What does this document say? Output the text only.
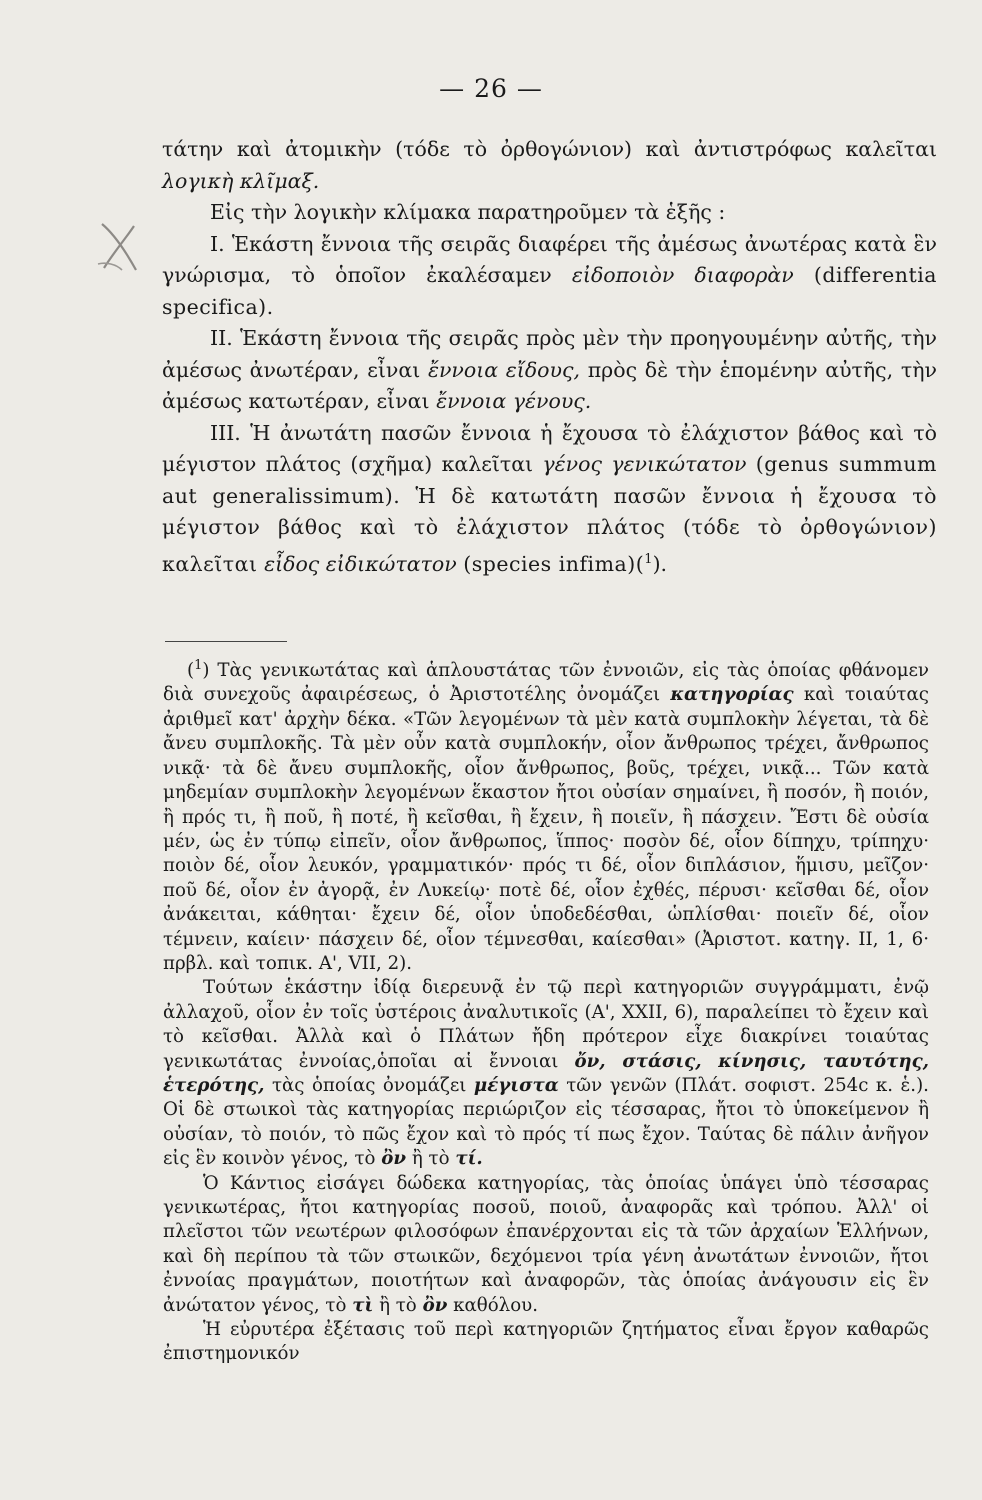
— 26 —

τάτην καὶ ἀτομικὴν (τόδε τὸ ὀρθογώνιον) καὶ ἀντιστρόφως καλεῖται λογικὴ κλῖμαξ.

Εἰς τὴν λογικὴν κλίμακα παρατηροῦμεν τὰ ἑξῆς :

I. Ἑκάστη ἔννοια τῆς σειρᾶς διαφέρει τῆς ἀμέσως ἀνωτέρας κατὰ ἓν γνώρισμα, τὸ ὁποῖον ἐκαλέσαμεν εἰδοποιὸν διαφορὰν (differentia specifica).

II. Ἑκάστη ἔννοια τῆς σειρᾶς πρὸς μὲν τὴν προηγουμένην αὐτῆς, τὴν ἀμέσως ἀνωτέραν, εἶναι ἔννοια εἴδους, πρὸς δὲ τὴν ἑπομένην αὐτῆς, τὴν ἀμέσως κατωτέραν, εἶναι ἔννοια γένους.

III. Ἡ ἀνωτάτη πασῶν ἔννοια ἡ ἔχουσα τὸ ἐλάχιστον βάθος καὶ τὸ μέγιστον πλάτος (σχῆμα) καλεῖται γένος γενικώτατον (genus summum aut generalissimum). Ἡ δὲ κατωτάτη πασῶν ἔννοια ἡ ἔχουσα τὸ μέγιστον βάθος καὶ τὸ ἐλάχιστον πλάτος (τόδε τὸ ὀρθογώνιον) καλεῖται εἶδος εἰδικώτατον (species infima)($^1$).

($^1$) Τὰς γενικωτάτας καὶ ἁπλουστάτας τῶν ἐννοιῶν, εἰς τὰς ὁποίας φθάνομεν διὰ συνεχοῦς ἀφαιρέσεως, ὁ Ἀριστοτέλης ὀνομάζει κατηγορίας καὶ τοιαύτας ἀριθμεῖ κατ' ἀρχὴν δέκα. «Τῶν λεγομένων τὰ μὲν κατὰ συμπλοκὴν λέγεται, τὰ δὲ ἄνευ συμπλοκῆς. Τὰ μὲν οὖν κατὰ συμπλοκήν, οἷον ἄνθρωπος τρέχει, ἄνθρωπος νικᾷ· τὰ δὲ ἄνευ συμπλοκῆς, οἷον ἄνθρωπος, βοῦς, τρέχει, νικᾷ... Τῶν κατὰ μηδεμίαν συμπλοκὴν λεγομένων ἕκαστον ἤτοι οὐσίαν σημαίνει, ἢ ποσόν, ἢ ποιόν, ἢ πρός τι, ἢ ποῦ, ἢ ποτέ, ἢ κεῖσθαι, ἢ ἔχειν, ἢ ποιεῖν, ἢ πάσχειν. Ἔστι δὲ οὐσία μέν, ὡς ἐν τύπῳ εἰπεῖν, οἷον ἄνθρωπος, ἵππος· ποσὸν δέ, οἷον δίπηχυ, τρίπηχυ· ποιὸν δέ, οἷον λευκόν, γραμματικόν· πρός τι δέ, οἷον διπλάσιον, ἥμισυ, μεῖζον· ποῦ δέ, οἷον ἐν ἀγορᾷ, ἐν Λυκείῳ· ποτὲ δέ, οἷον ἐχθές, πέρυσι· κεῖσθαι δέ, οἷον ἀνάκειται, κάθηται· ἔχειν δέ, οἷον ὑποδεδέσθαι, ὡπλίσθαι· ποιεῖν δέ, οἷον τέμνειν, καίειν· πάσχειν δέ, οἷον τέμνεσθαι, καίεσθαι» (Ἀριστοτ. κατηγ. II, 1, 6· πρβλ. καὶ τοπικ. Α', VII, 2).

Τούτων ἑκάστην ἰδίᾳ διερευνᾷ ἐν τῷ περὶ κατηγοριῶν συγγράμματι, ἐνῷ ἀλλαχοῦ, οἷον ἐν τοῖς ὑστέροις ἀναλυτικοῖς (Α', XXII, 6), παραλείπει τὸ ἔχειν καὶ τὸ κεῖσθαι. Ἀλλὰ καὶ ὁ Πλάτων ἤδη πρότερον εἶχε διακρίνει τοιαύτας γενικωτάτας ἐννοίας,ὁποῖαι αἱ ἔννοιαι ὄν, στάσις, κίνησις, ταυτότης, ἑτερότης, τὰς ὁποίας ὀνομάζει μέγιστα τῶν γενῶν (Πλάτ. σοφιστ. 254c κ. ἑ.). Οἱ δὲ στωικοὶ τὰς κατηγορίας περιώριζον εἰς τέσσαρας, ἤτοι τὸ ὑποκείμενον ἢ οὐσίαν, τὸ ποιόν, τὸ πῶς ἔχον καὶ τὸ πρός τί πως ἔχον. Ταύτας δὲ πάλιν ἀνῆγον εἰς ἓν κοινὸν γένος, τὸ ὂν ἢ τὸ τί.

Ὁ Κάντιος εἰσάγει δώδεκα κατηγορίας, τὰς ὁποίας ὑπάγει ὑπὸ τέσσαρας γενικωτέρας, ἤτοι κατηγορίας ποσοῦ, ποιοῦ, ἀναφορᾶς καὶ τρόπου. Ἀλλ' οἱ πλεῖστοι τῶν νεωτέρων φιλοσόφων ἐπανέρχονται εἰς τὰ τῶν ἀρχαίων Ἑλλήνων, καὶ δὴ περίπου τὰ τῶν στωικῶν, δεχόμενοι τρία γένη ἀνωτάτων ἐννοιῶν, ἤτοι ἐννοίας πραγμάτων, ποιοτήτων καὶ ἀναφορῶν, τὰς ὁποίας ἀνάγουσιν εἰς ἓν ἀνώτατον γένος, τὸ τὶ ἢ τὸ ὂν καθόλου.

Ἡ εὐρυτέρα ἐξέτασις τοῦ περὶ κατηγοριῶν ζητήματος εἶναι ἔργον καθαρῶς ἐπιστημονικόν
